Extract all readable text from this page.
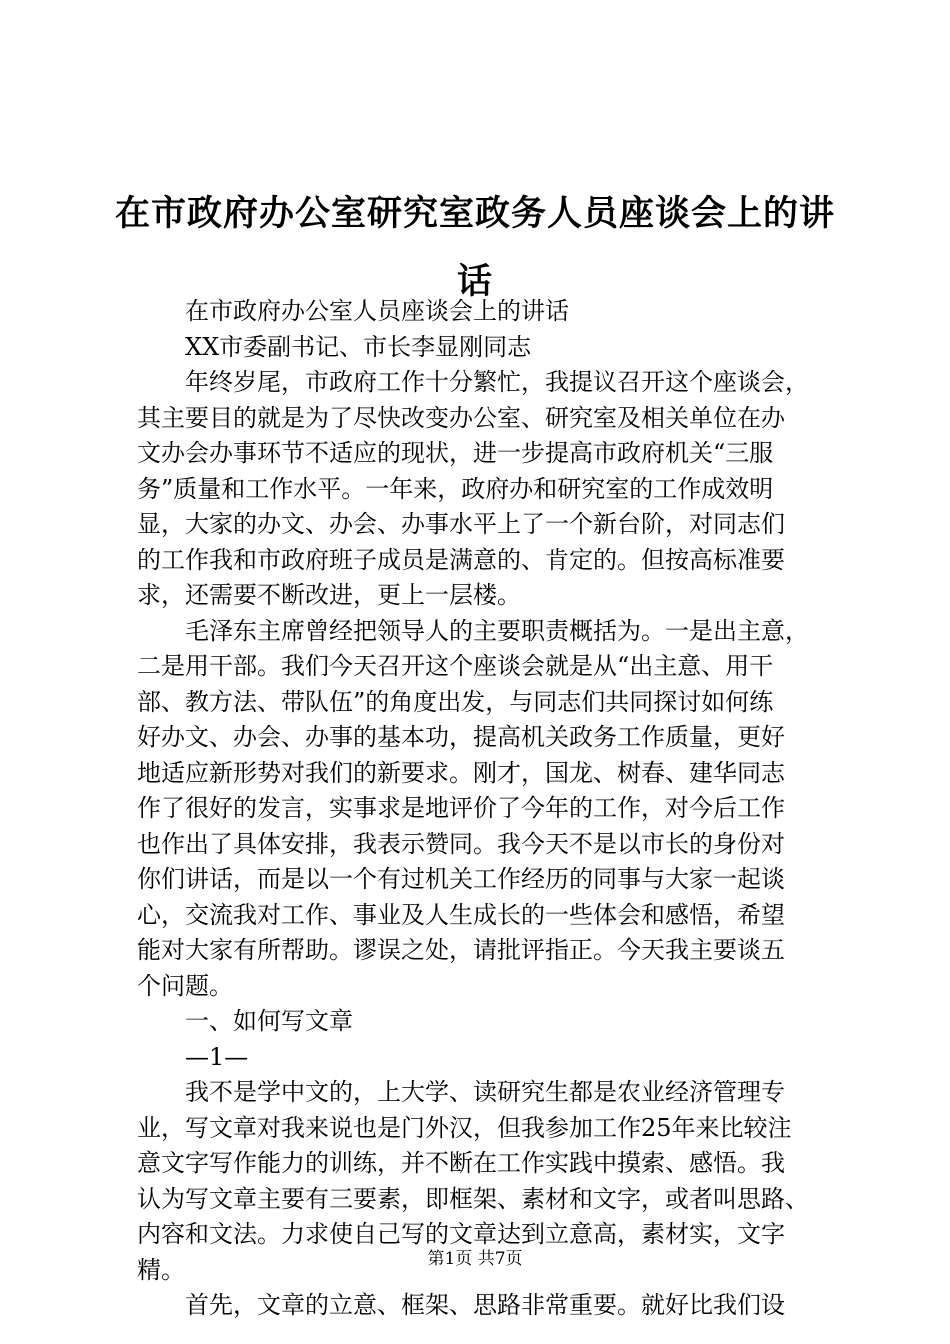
在市政府办公室研究室政务人员座谈会上的讲话
在市政府办公室人员座谈会上的讲话
XX市委副书记、市长李显刚同志
年终岁尾，市政府工作十分繁忙，我提议召开这个座谈会，
其主要目的就是为了尽快改变办公室、研究室及相关单位在办
文办会办事环节不适应的现状，进一步提高市政府机关“三服
务”质量和工作水平。一年来，政府办和研究室的工作成效明
显，大家的办文、办会、办事水平上了一个新台阶，对同志们
的工作我和市政府班子成员是满意的、肯定的。但按高标准要
求，还需要不断改进，更上一层楼。
毛泽东主席曾经把领导人的主要职责概括为。一是出主意，
二是用干部。我们今天召开这个座谈会就是从“出主意、用干
部、教方法、带队伍”的角度出发，与同志们共同探讨如何练
好办文、办会、办事的基本功，提高机关政务工作质量，更好
地适应新形势对我们的新要求。刚才，国龙、树春、建华同志
作了很好的发言，实事求是地评价了今年的工作，对今后工作
也作出了具体安排，我表示赞同。我今天不是以市长的身份对
你们讲话，而是以一个有过机关工作经历的同事与大家一起谈
心，交流我对工作、事业及人生成长的一些体会和感悟，希望
能对大家有所帮助。谬误之处，请批评指正。今天我主要谈五
个问题。
一、如何写文章
—1—
我不是学中文的，上大学、读研究生都是农业经济管理专
业，写文章对我来说也是门外汉，但我参加工作25年来比较注
意文字写作能力的训练，并不断在工作实践中摸索、感悟。我
认为写文章主要有三要素，即框架、素材和文字，或者叫思路、
内容和文法。力求使自己写的文章达到立意高，素材实，文字
精。
首先，文章的立意、框架、思路非常重要。就好比我们设
第1页 共7页
